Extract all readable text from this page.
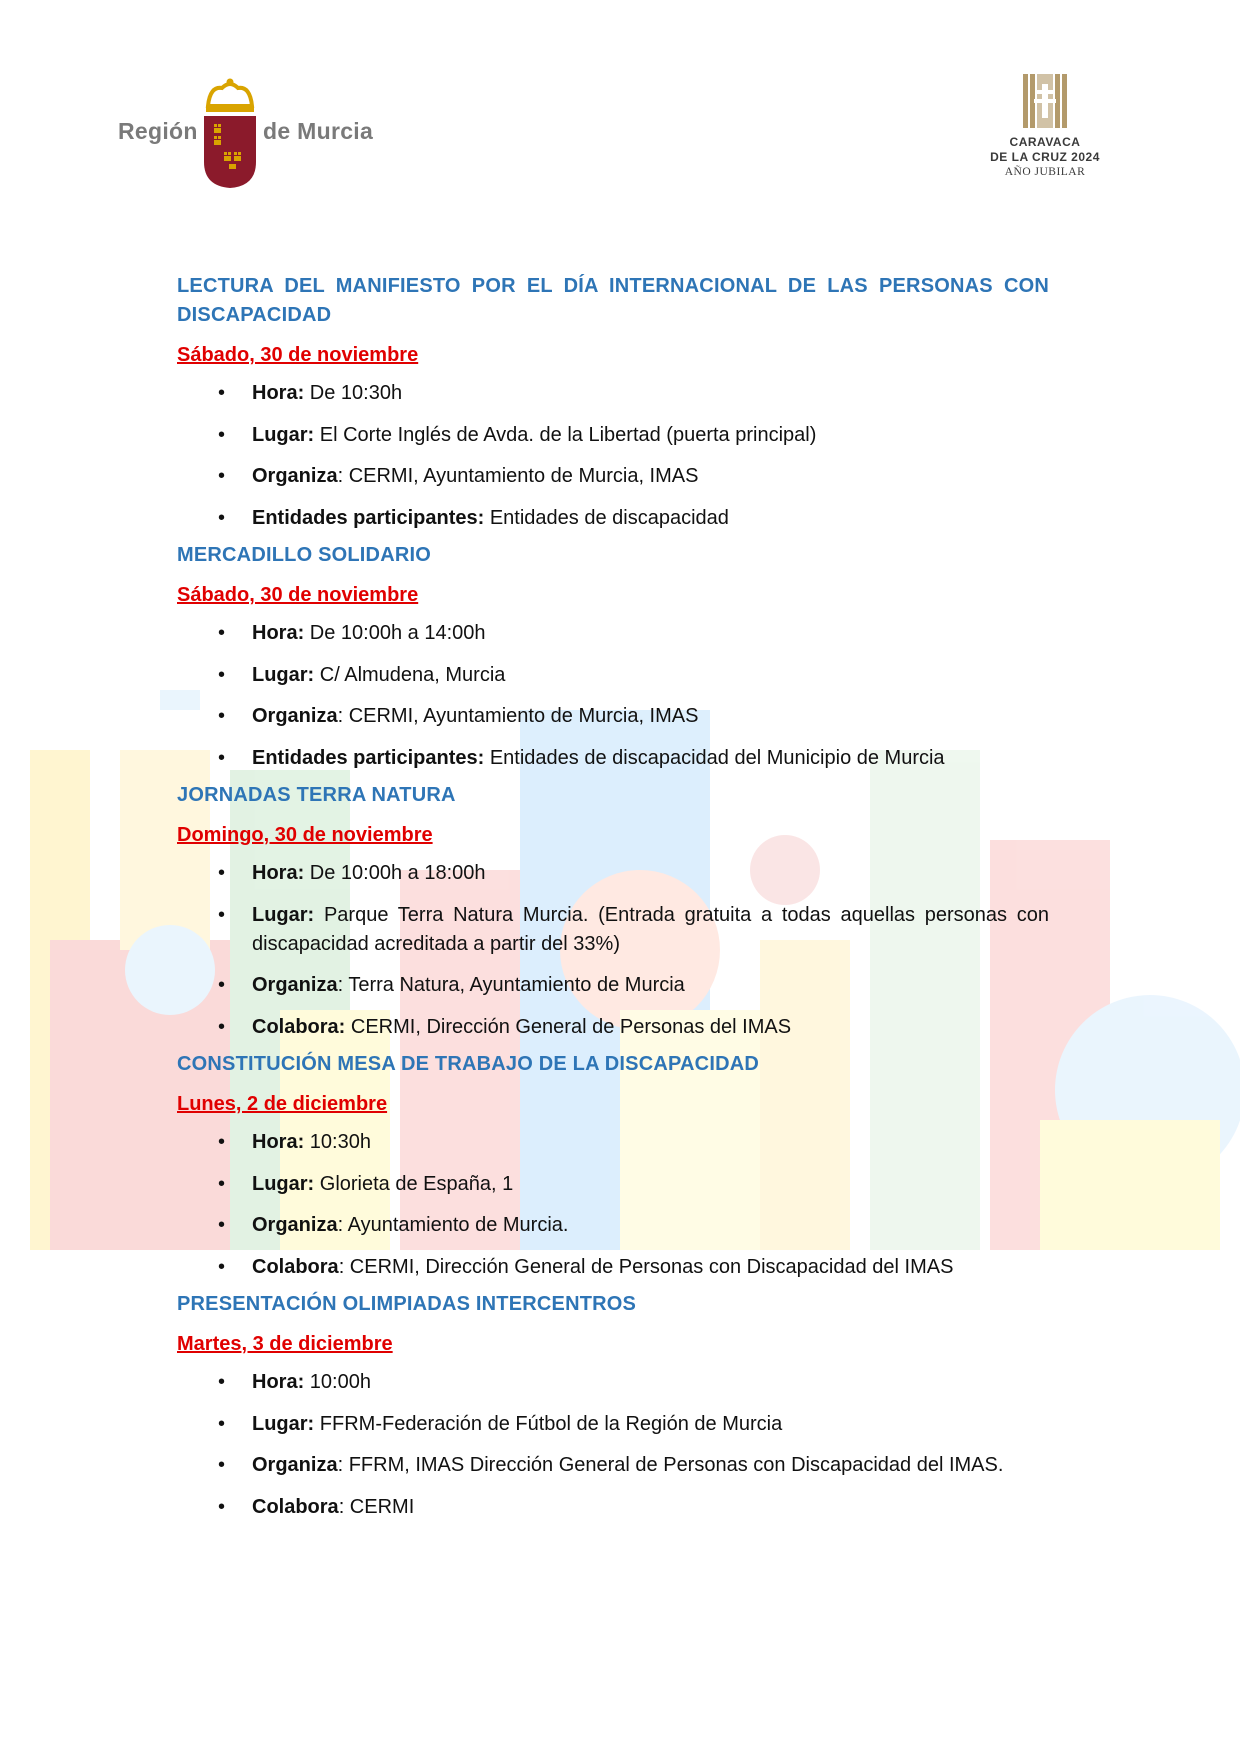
Región	de Murcia	CARAVACA
DE LA CRUZ 2024
AÑO JUBILAR

LECTURA DEL MANIFIESTO POR EL DÍA INTERNACIONAL DE LAS PERSONAS CON DISCAPACIDAD

Sábado, 30 de noviembre

• Hora: De 10:30h
• Lugar: El Corte Inglés de Avda. de la Libertad (puerta principal)
• Organiza: CERMI, Ayuntamiento de Murcia, IMAS
• Entidades participantes: Entidades de discapacidad

MERCADILLO SOLIDARIO

Sábado, 30 de noviembre

• Hora: De 10:00h a 14:00h
• Lugar: C/ Almudena, Murcia
• Organiza: CERMI, Ayuntamiento de Murcia, IMAS
• Entidades participantes: Entidades de discapacidad del Municipio de Murcia

JORNADAS TERRA NATURA

Domingo, 30 de noviembre

• Hora: De 10:00h a 18:00h
• Lugar: Parque Terra Natura Murcia. (Entrada gratuita a todas aquellas personas con discapacidad acreditada a partir del 33%)
• Organiza: Terra Natura, Ayuntamiento de Murcia
• Colabora: CERMI, Dirección General de Personas del IMAS

CONSTITUCIÓN MESA DE TRABAJO DE LA DISCAPACIDAD

Lunes, 2 de diciembre

• Hora: 10:30h
• Lugar: Glorieta de España, 1
• Organiza: Ayuntamiento de Murcia.
• Colabora: CERMI, Dirección General de Personas con Discapacidad del IMAS

PRESENTACIÓN OLIMPIADAS INTERCENTROS

Martes, 3 de diciembre

• Hora: 10:00h
• Lugar: FFRM-Federación de Fútbol de la Región de Murcia
• Organiza: FFRM, IMAS Dirección General de Personas con Discapacidad del IMAS.
• Colabora: CERMI
